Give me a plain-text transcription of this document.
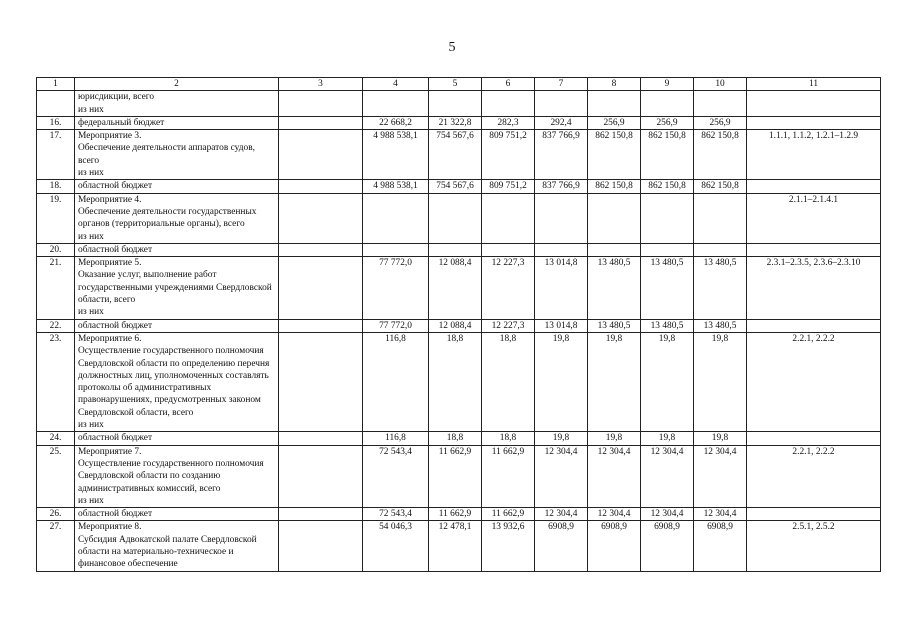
5
1	2	3	4	5	6	7	8	9	10	11
	юрисдикции, всего
из них									
16.	федеральный бюджет		22 668,2	21 322,8	282,3	292,4	256,9	256,9	256,9	
17.	Мероприятие 3.
Обеспечение деятельности аппаратов судов, всего
из них		4 988 538,1	754 567,6	809 751,2	837 766,9	862 150,8	862 150,8	862 150,8	1.1.1, 1.1.2, 1.2.1–1.2.9
18.	областной бюджет		4 988 538,1	754 567,6	809 751,2	837 766,9	862 150,8	862 150,8	862 150,8	
19.	Мероприятие 4.
Обеспечение деятельности государственных органов (территориальные органы), всего
из них									2.1.1–2.1.4.1
20.	областной бюджет									
21.	Мероприятие 5.
Оказание услуг, выполнение работ государственными учреждениями Свердловской области, всего
из них		77 772,0	12 088,4	12 227,3	13 014,8	13 480,5	13 480,5	13 480,5	2.3.1–2.3.5, 2.3.6–2.3.10
22.	областной бюджет		77 772,0	12 088,4	12 227,3	13 014,8	13 480,5	13 480,5	13 480,5	
23.	Мероприятие 6.
Осуществление государственного полномочия Свердловской области по определению перечня должностных лиц, уполномоченных составлять протоколы об административных правонарушениях, предусмотренных законом Свердловской области, всего
из них		116,8	18,8	18,8	19,8	19,8	19,8	19,8	2.2.1, 2.2.2
24.	областной бюджет		116,8	18,8	18,8	19,8	19,8	19,8	19,8	
25.	Мероприятие 7.
Осуществление государственного полномочия Свердловской области по созданию административных комиссий, всего
из них		72 543,4	11 662,9	11 662,9	12 304,4	12 304,4	12 304,4	12 304,4	2.2.1, 2.2.2
26.	областной бюджет		72 543,4	11 662,9	11 662,9	12 304,4	12 304,4	12 304,4	12 304,4	
27.	Мероприятие 8.
Субсидия Адвокатской палате Свердловской области на материально-техническое и финансовое обеспечение		54 046,3	12 478,1	13 932,6	6908,9	6908,9	6908,9	6908,9	2.5.1, 2.5.2
